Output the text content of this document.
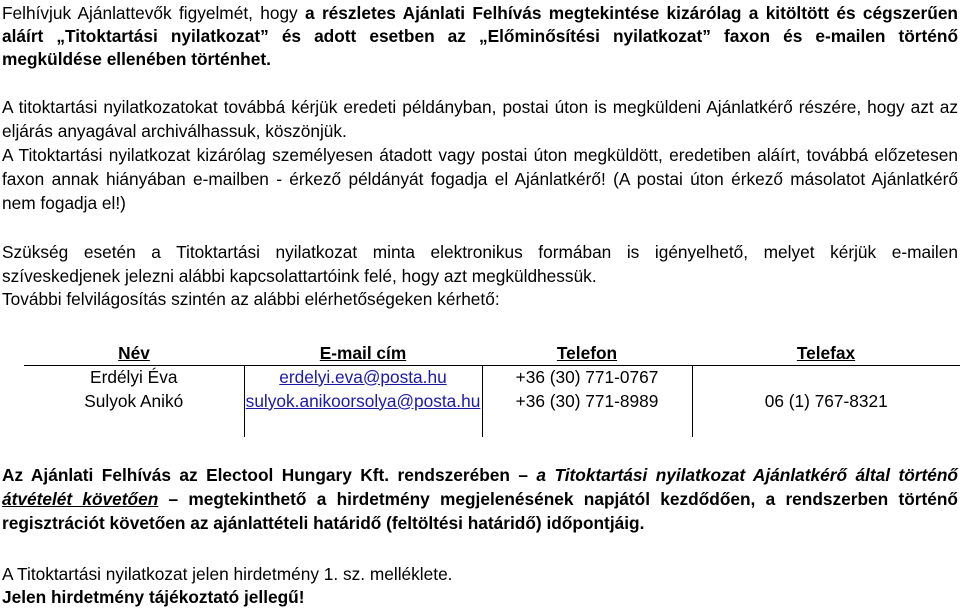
Felhívjuk Ajánlattevők figyelmét, hogy a részletes Ajánlati Felhívás megtekintése kizárólag a kitöltött és cégszerűen

aláírt „Titoktartási nyilatkozat” és adott esetben az „Előminősítési nyilatkozat” faxon és e-mailen történő

megküldése ellenében történhet.

A titoktartási nyilatkozatokat továbbá kérjük eredeti példányban, postai úton is megküldeni Ajánlatkérő részére, hogy azt az

eljárás anyagával archiválhassuk, köszönjük.

A Titoktartási nyilatkozat kizárólag személyesen átadott vagy postai úton megküldött, eredetiben aláírt, továbbá előzetesen

faxon annak hiányában e-mailben - érkező példányát fogadja el Ajánlatkérő! (A postai úton érkező másolatot Ajánlatkérő

nem fogadja el!)

Szükség esetén a Titoktartási nyilatkozat minta elektronikus formában is igényelhető, melyet kérjük e-mailen

szíveskedjenek jelezni alábbi kapcsolattartóink felé, hogy azt megküldhessük.

További felvilágosítás szintén az alábbi elérhetőségeken kérhető:

Név	E-mail cím	Telefon	Telefax
Erdélyi Éva	erdelyi.eva@posta.hu	+36 (30) 771-0767	
Sulyok Anikó	sulyok.anikoorsolya@posta.hu	+36 (30) 771-8989	06 (1) 767-8321

Az Ajánlati Felhívás az Electool Hungary Kft. rendszerében – a Titoktartási nyilatkozat Ajánlatkérő által történő

átvételét követően – megtekinthető a hirdetmény megjelenésének napjától kezdődően, a rendszerben történő

regisztrációt követően az ajánlattételi határidő (feltöltési határidő) időpontjáig.

A Titoktartási nyilatkozat jelen hirdetmény 1. sz. melléklete.

Jelen hirdetmény tájékoztató jellegű!
